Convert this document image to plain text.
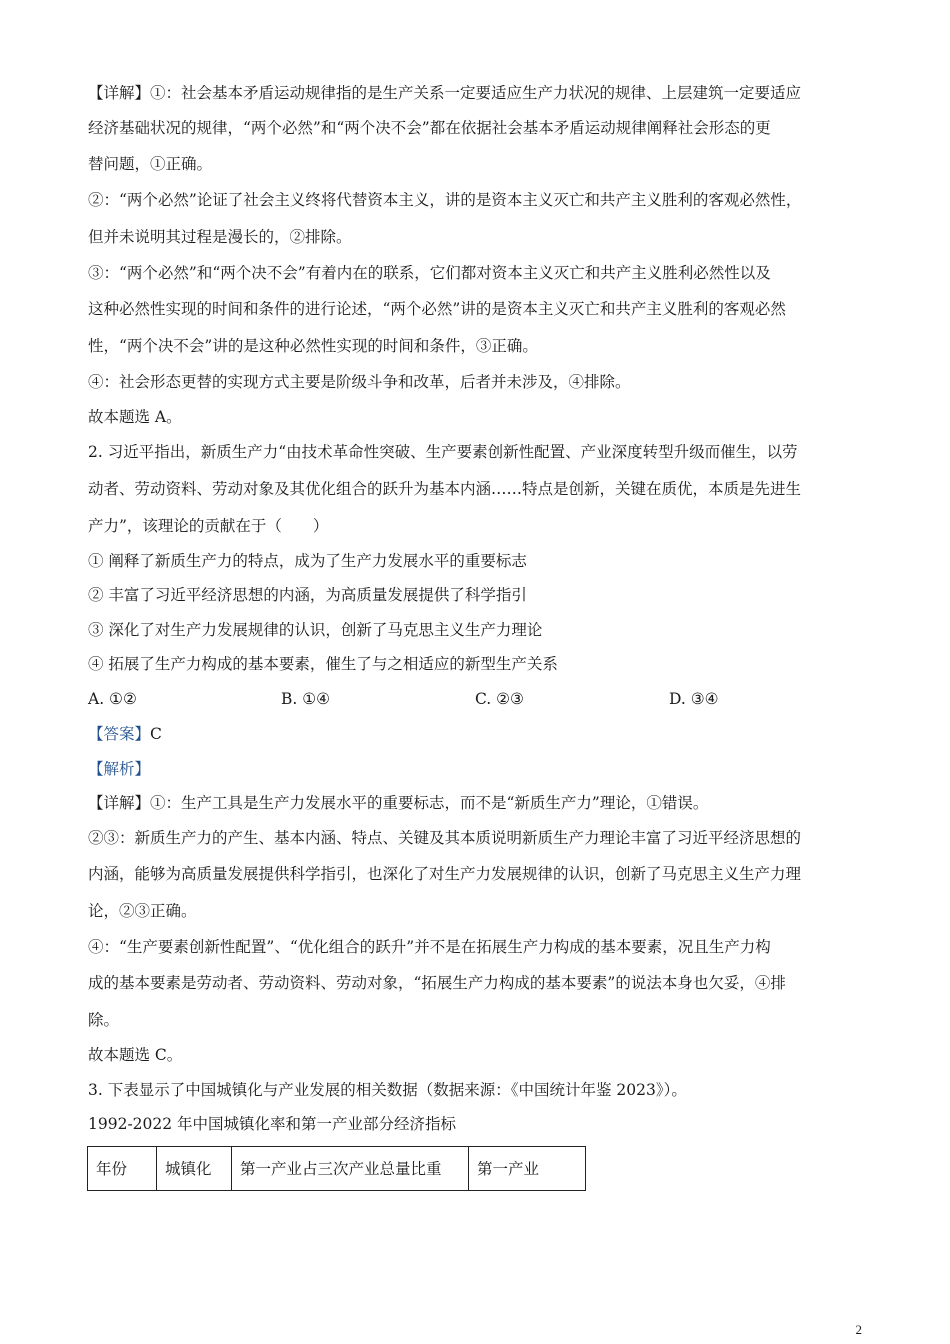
【详解】①：社会基本矛盾运动规律指的是生产关系一定要适应生产力状况的规律、上层建筑一定要适应
经济基础状况的规律，“两个必然”和“两个决不会”都在依据社会基本矛盾运动规律阐释社会形态的更
替问题，①正确。
②：“两个必然”论证了社会主义终将代替资本主义，讲的是资本主义灭亡和共产主义胜利的客观必然性，
但并未说明其过程是漫长的，②排除。
③：“两个必然”和“两个决不会”有着内在的联系，它们都对资本主义灭亡和共产主义胜利必然性以及
这种必然性实现的时间和条件的进行论述，“两个必然”讲的是资本主义灭亡和共产主义胜利的客观必然
性，“两个决不会”讲的是这种必然性实现的时间和条件，③正确。
④：社会形态更替的实现方式主要是阶级斗争和改革，后者并未涉及，④排除。
故本题选 A。
2. 习近平指出，新质生产力“由技术革命性突破、生产要素创新性配置、产业深度转型升级而催生，以劳
动者、劳动资料、劳动对象及其优化组合的跃升为基本内涵……特点是创新，关键在质优，本质是先进生
产力”，该理论的贡献在于（　　）
① 阐释了新质生产力的特点，成为了生产力发展水平的重要标志
② 丰富了习近平经济思想的内涵，为高质量发展提供了科学指引
③ 深化了对生产力发展规律的认识，创新了马克思主义生产力理论
④ 拓展了生产力构成的基本要素，催生了与之相适应的新型生产关系
A. ①②	B. ①④	C. ②③	D. ③④
【答案】C
【解析】
【详解】①：生产工具是生产力发展水平的重要标志，而不是“新质生产力”理论，①错误。
②③：新质生产力的产生、基本内涵、特点、关键及其本质说明新质生产力理论丰富了习近平经济思想的
内涵，能够为高质量发展提供科学指引，也深化了对生产力发展规律的认识，创新了马克思主义生产力理
论，②③正确。
④：“生产要素创新性配置”、“优化组合的跃升”并不是在拓展生产力构成的基本要素，况且生产力构
成的基本要素是劳动者、劳动资料、劳动对象，“拓展生产力构成的基本要素”的说法本身也欠妥，④排
除。
故本题选 C。
3. 下表显示了中国城镇化与产业发展的相关数据（数据来源：《中国统计年鉴 2023》）。
1992-2022 年中国城镇化率和第一产业部分经济指标
年份	城镇化	第一产业占三次产业总量比重	第一产业
2
